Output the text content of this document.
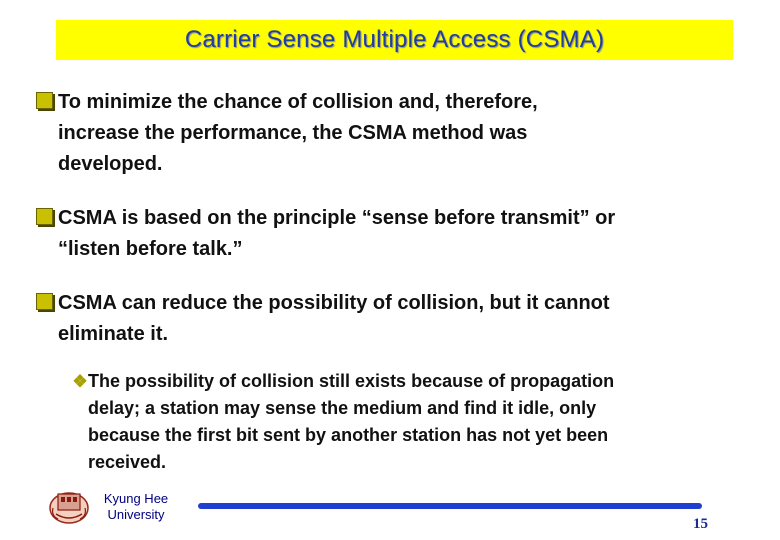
Carrier Sense Multiple Access (CSMA)
To minimize the chance of collision and, therefore,
increase the performance, the CSMA method was
developed.
CSMA is based on the principle “sense before transmit” or
“listen before talk.”
CSMA can reduce the possibility of collision, but it cannot
eliminate it.
❖The possibility of collision still exists because of propagation
delay; a station may sense the medium and find it idle, only
because the first bit sent by another station has not yet been
received.
Kyung Hee
University
15
